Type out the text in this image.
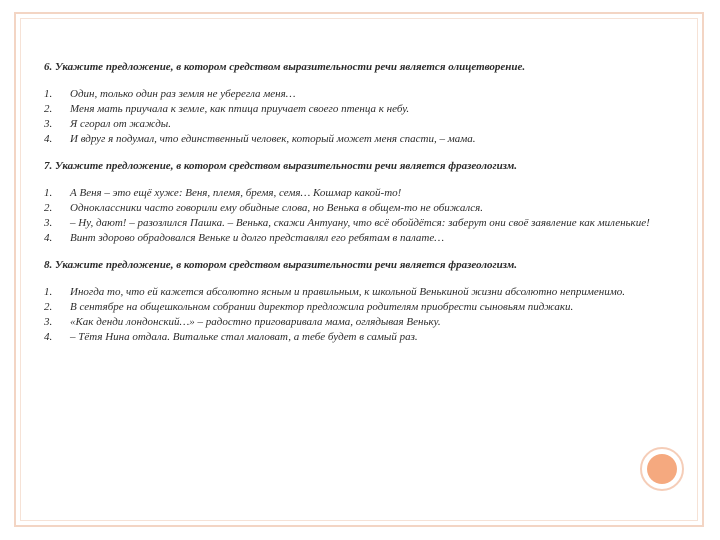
6. Укажите предложение, в котором средством выразительности речи является олицетворение.

1.	Один, только один раз земля не уберегла меня…
2.	Меня мать приучала к земле, как птица приучает своего птенца к небу.
3.	Я сгорал от жажды.
4.	И вдруг я подумал, что единственный человек, который может меня спасти, – мама.

7. Укажите предложение, в котором средством выразительности речи является фразеологизм.

1.	А Веня – это ещё хуже: Веня, племя, бремя, семя… Кошмар какой-то!
2.	Одноклассники часто говорили ему обидные слова, но Венька в общем-то не обижался.
3.	– Ну, дают! – разозлился Пашка. – Венька, скажи Антуану, что всё обойдётся: заберут они своё заявление как миленькие!
4.	Винт здорово обрадовался Веньке и долго представлял его ребятам в палате…

8. Укажите предложение, в котором средством выразительности речи является фразеологизм.

1.	Иногда то, что ей кажется абсолютно ясным и правильным, к школьной Венькиной жизни абсолютно неприменимо.
2.	В сентябре на общешкольном собрании директор предложила родителям приобрести сыновьям пиджаки.
3.	«Как денди лондонский…» – радостно приговаривала мама, оглядывая Веньку.
4.	– Тётя Нина отдала. Витальке стал маловат, а тебе будет в самый раз.
